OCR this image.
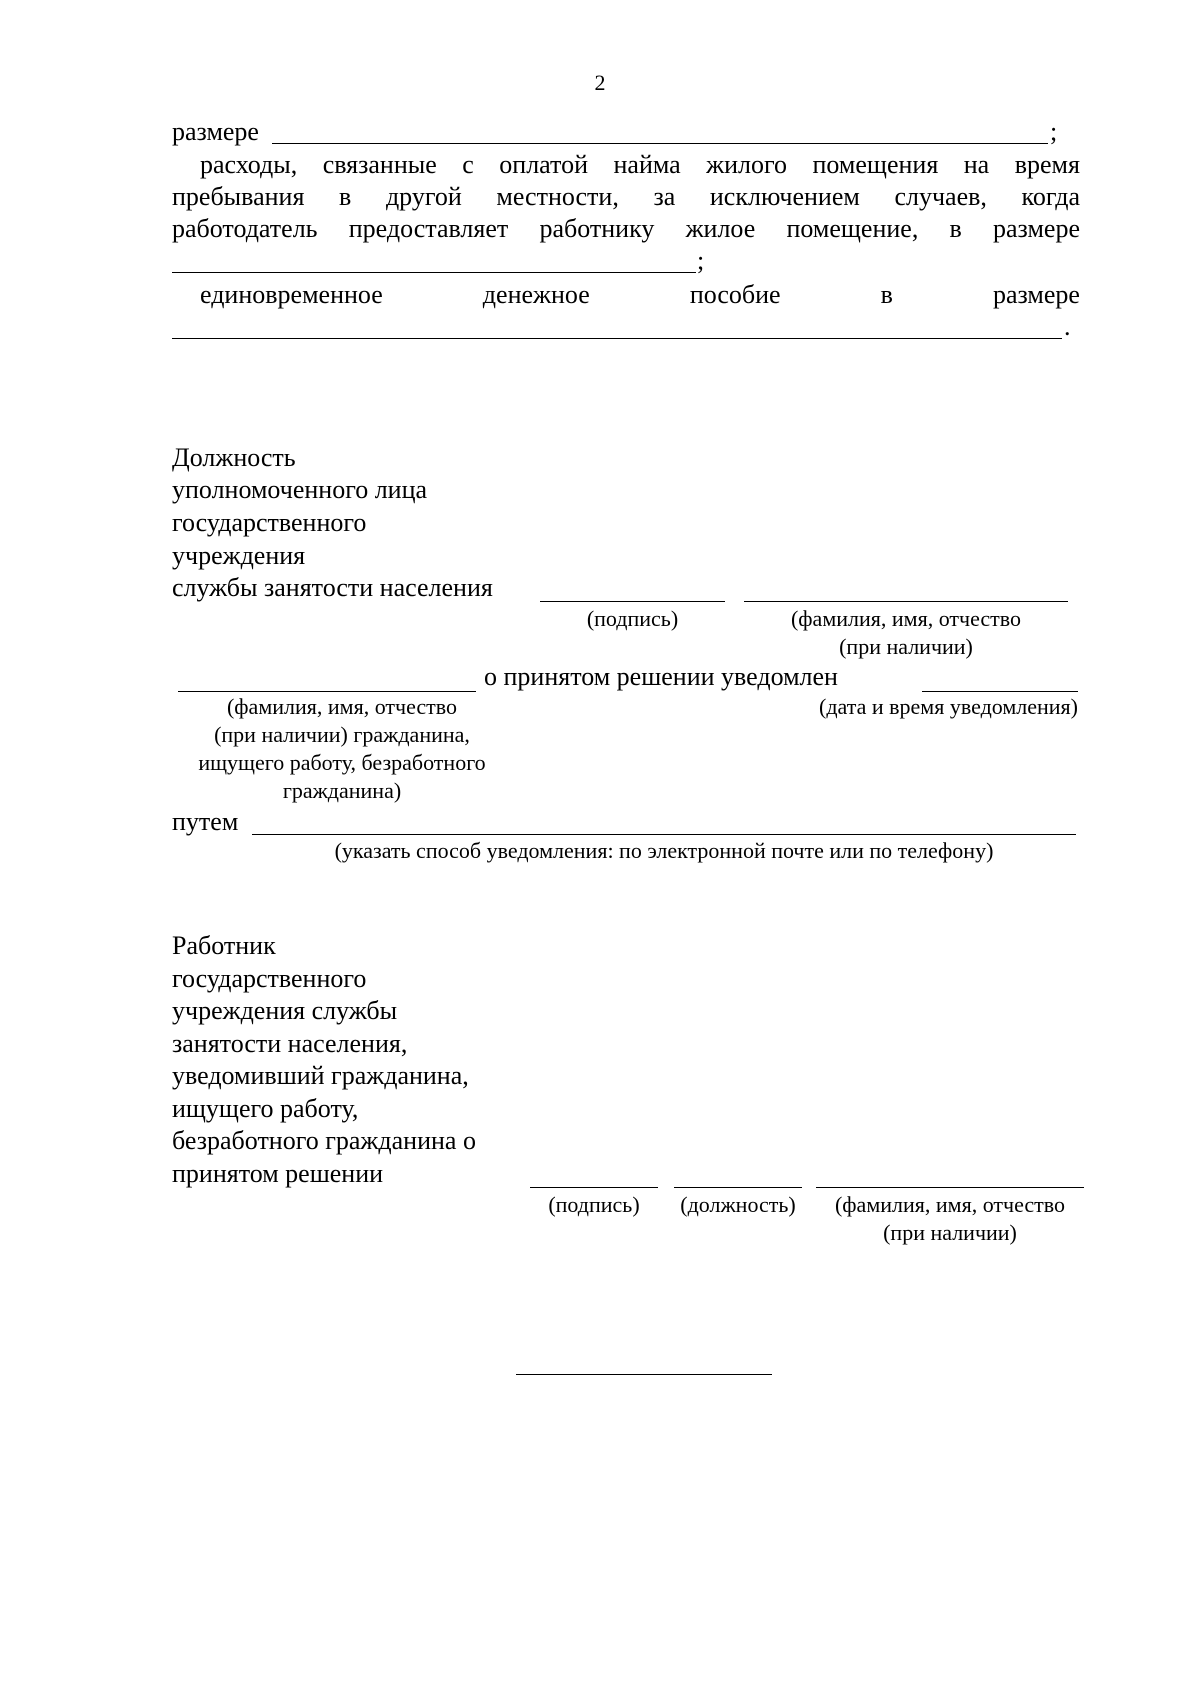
2
размере	;
расходы, связанные с оплатой найма жилого помещения на время
пребывания в другой местности, за исключением случаев, когда
работодатель предоставляет работнику жилое помещение, в размере
;
единовременное	денежное	пособие	в	размере
.
Должность
уполномоченного лица
государственного
учреждения
службы занятости населения
(подпись)	(фамилия, имя, отчество
(при наличии)
о принятом решении уведомлен
(фамилия, имя, отчество
(при наличии) гражданина,
ищущего работу, безработного
гражданина)
(дата и время уведомления)
путем
(указать способ уведомления: по электронной почте или по телефону)
Работник
государственного
учреждения службы
занятости населения,
уведомивший гражданина,
ищущего работу,
безработного гражданина о
принятом решении
(подпись)	(должность)	(фамилия, имя, отчество
(при наличии)
